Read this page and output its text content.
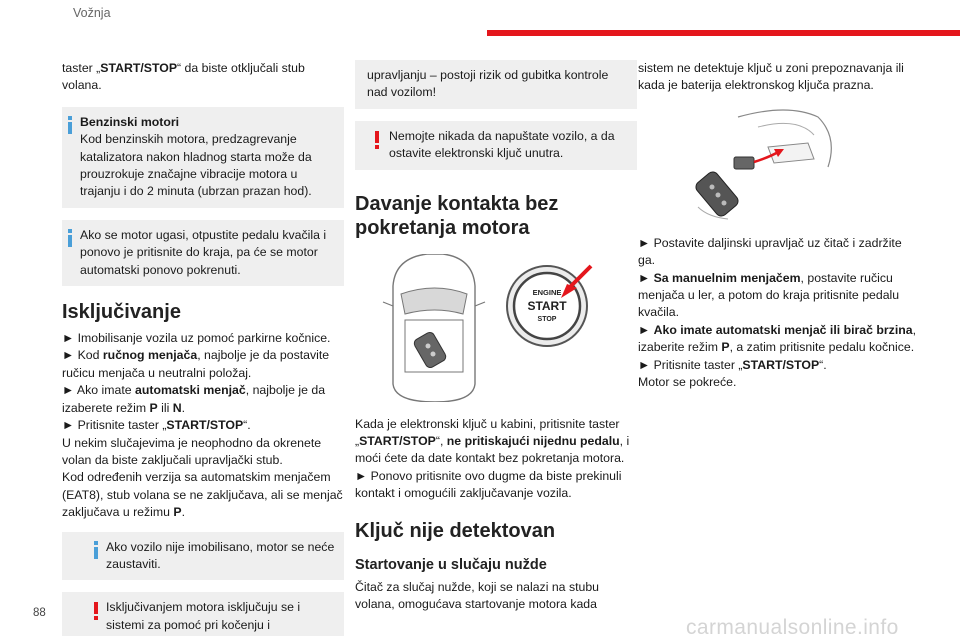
Vožnja

taster „START/STOP“ da biste otključali stub volana.

Benzinski motori
Kod benzinskih motora, predzagrevanje katalizatora nakon hladnog starta može da prouzrokuje značajne vibracije motora u trajanju i do 2 minuta (ubrzan prazan hod).
Ako se motor ugasi, otpustite pedalu kvačila i ponovo je pritisnite do kraja, pa će se motor automatski ponovo pokrenuti.
Isključivanje

► Imobilisanje vozila uz pomoć parkirne kočnice.

► Kod ručnog menjača, najbolje je da postavite ručicu menjača u neutralni položaj.

► Ako imate automatski menjač, najbolje je da izaberete režim P ili N.

► Pritisnite taster „START/STOP“.

U nekim slučajevima je neophodno da okrenete volan da biste zaključali upravljački stub.

Kod određenih verzija sa automatskim menjačem (EAT8), stub volana se ne zaključava, ali se menjač zaključava u režimu P.

Ako vozilo nije imobilisano, motor se neće zaustaviti.
Isključivanjem motora isključuju se i sistemi za pomoć pri kočenju i
upravljanju – postoji rizik od gubitka kontrole nad vozilom!
Nemojte nikada da napuštate vozilo, a da ostavite elektronski ključ unutra.
Davanje kontakta bez pokretanja motora
ENGINE
START
STOP

Kada je elektronski ključ u kabini, pritisnite taster „START/STOP“, ne pritiskajući nijednu pedalu, i moći ćete da date kontakt bez pokretanja motora.

► Ponovo pritisnite ovo dugme da biste prekinuli kontakt i omogućili zaključavanje vozila.

Ključ nije detektovan
Startovanje u slučaju nužde

Čitač za slučaj nužde, koji se nalazi na stubu volana, omogućava startovanje motora kada

sistem ne detektuje ključ u zoni prepoznavanja ili kada je baterija elektronskog ključa prazna.

► Postavite daljinski upravljač uz čitač i zadržite ga.

► Sa manuelnim menjačem, postavite ručicu menjača u ler, a potom do kraja pritisnite pedalu kvačila.

► Ako imate automatski menjač ili birač brzina, izaberite režim P, a zatim pritisnite pedalu kočnice.

► Pritisnite taster „START/STOP“.

Motor se pokreće.

88
carmanualsonline.info
